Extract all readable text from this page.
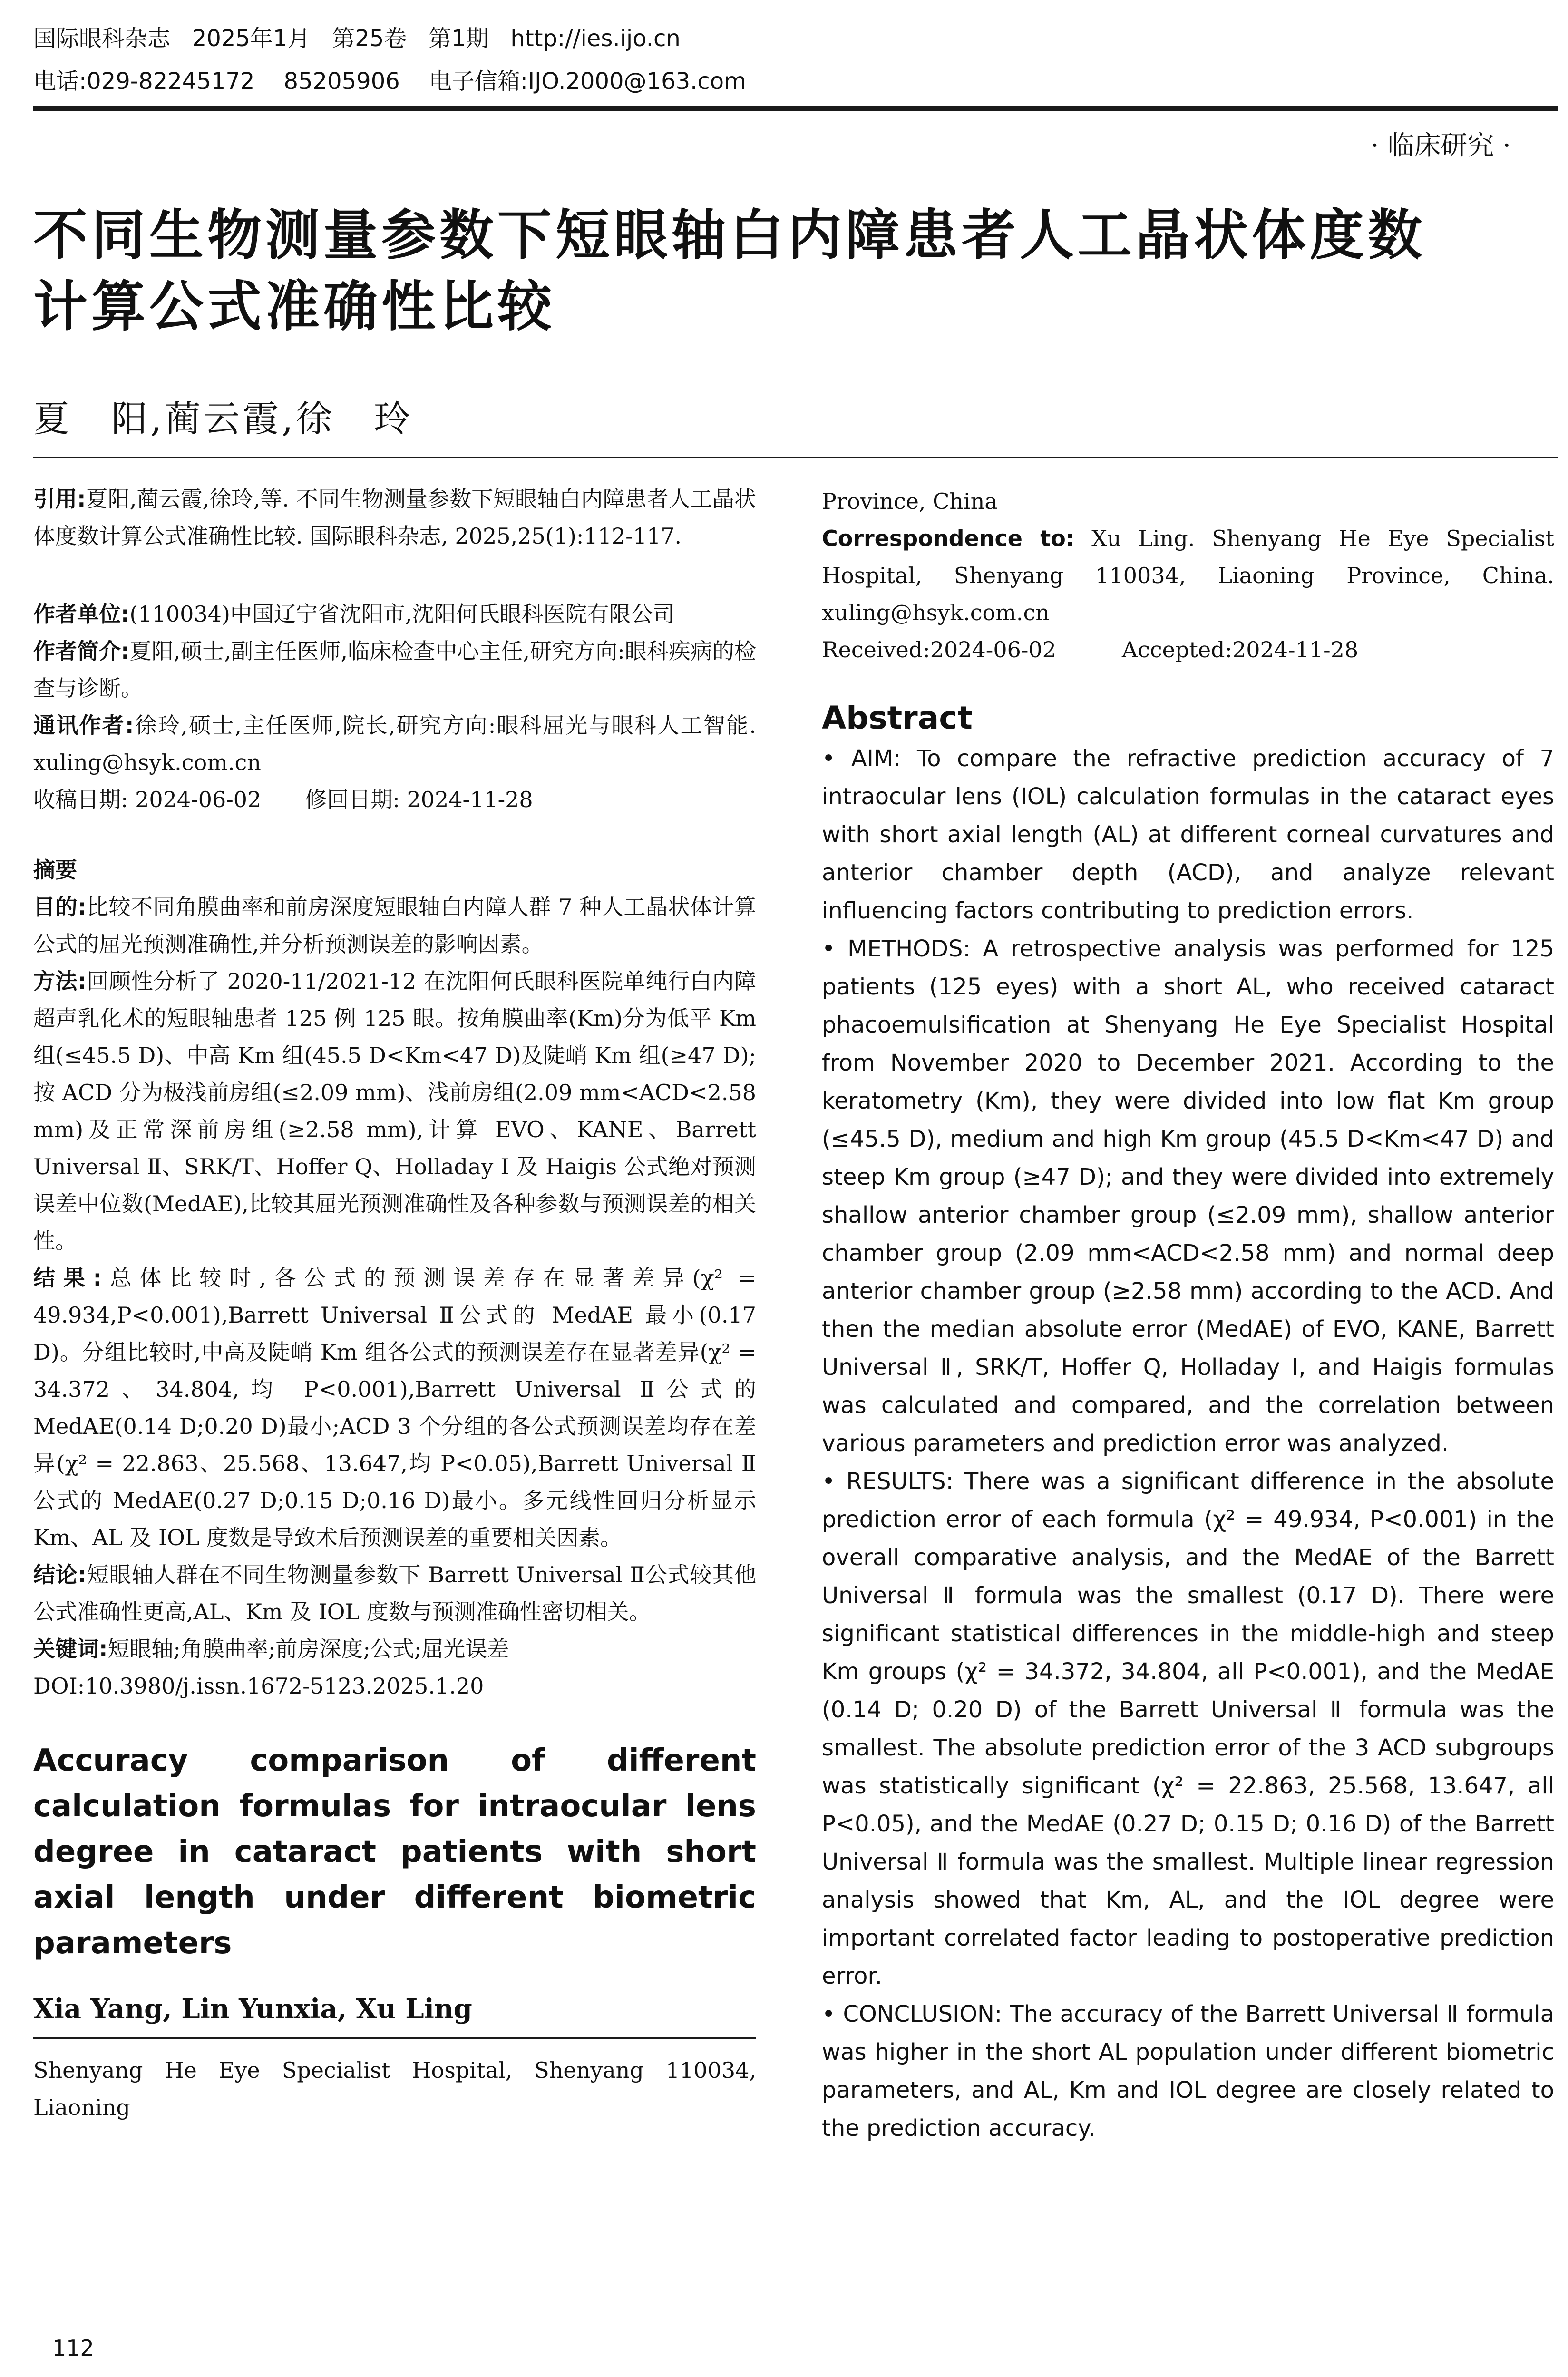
国际眼科杂志   2025年1月   第25卷   第1期   http://ies.ijo.cn
电话:029-82245172    85205906    电子信箱:IJO.2000@163.com
· 临床研究 ·
不同生物测量参数下短眼轴白内障患者人工晶状体度数
计算公式准确性比较
夏　阳,蔺云霞,徐　玲

引用:夏阳,蔺云霞,徐玲,等. 不同生物测量参数下短眼轴白内障患者人工晶状体度数计算公式准确性比较. 国际眼科杂志, 2025,25(1):112-117.

作者单位:(110034)中国辽宁省沈阳市,沈阳何氏眼科医院有限公司

作者简介:夏阳,硕士,副主任医师,临床检查中心主任,研究方向:眼科疾病的检查与诊断。

通讯作者:徐玲,硕士,主任医师,院长,研究方向:眼科屈光与眼科人工智能. xuling@hsyk.com.cn

收稿日期: 2024-06-02　　修回日期: 2024-11-28

摘要

目的:比较不同角膜曲率和前房深度短眼轴白内障人群 7 种人工晶状体计算公式的屈光预测准确性,并分析预测误差的影响因素。

方法:回顾性分析了 2020-11/2021-12 在沈阳何氏眼科医院单纯行白内障超声乳化术的短眼轴患者 125 例 125 眼。按角膜曲率(Km)分为低平 Km 组(≤45.5 D)、中高 Km 组(45.5 D<Km<47 D)及陡峭 Km 组(≥47 D);按 ACD 分为极浅前房组(≤2.09 mm)、浅前房组(2.09 mm<ACD<2.58 mm)及正常深前房组(≥2.58 mm),计算 EVO、KANE、Barrett Universal Ⅱ、SRK/T、Hoffer Q、Holladay I 及 Haigis 公式绝对预测误差中位数(MedAE),比较其屈光预测准确性及各种参数与预测误差的相关性。

结果:总体比较时,各公式的预测误差存在显著差异(χ² = 49.934,P<0.001),Barrett Universal Ⅱ公式的 MedAE 最小(0.17 D)。分组比较时,中高及陡峭 Km 组各公式的预测误差存在显著差异(χ² = 34.372、34.804,均 P<0.001),Barrett Universal Ⅱ公式的 MedAE(0.14 D;0.20 D)最小;ACD 3 个分组的各公式预测误差均存在差异(χ² = 22.863、25.568、13.647,均 P<0.05),Barrett Universal Ⅱ公式的 MedAE(0.27 D;0.15 D;0.16 D)最小。多元线性回归分析显示 Km、AL 及 IOL 度数是导致术后预测误差的重要相关因素。

结论:短眼轴人群在不同生物测量参数下 Barrett Universal Ⅱ公式较其他公式准确性更高,AL、Km 及 IOL 度数与预测准确性密切相关。

关键词:短眼轴;角膜曲率;前房深度;公式;屈光误差

DOI:10.3980/j.issn.1672-5123.2025.1.20

Accuracy comparison of different calculation formulas for intraocular lens degree in cataract patients with short axial length under different biometric parameters

Xia Yang, Lin Yunxia, Xu Ling

Shenyang He Eye Specialist Hospital, Shenyang 110034, Liaoning

Province, China

Correspondence to: Xu Ling. Shenyang He Eye Specialist Hospital, Shenyang 110034, Liaoning Province, China. xuling@hsyk.com.cn

Received:2024-06-02　　　Accepted:2024-11-28

Abstract

• AIM: To compare the refractive prediction accuracy of 7 intraocular lens (IOL) calculation formulas in the cataract eyes with short axial length (AL) at different corneal curvatures and anterior chamber depth (ACD), and analyze relevant influencing factors contributing to prediction errors.

• METHODS: A retrospective analysis was performed for 125 patients (125 eyes) with a short AL, who received cataract phacoemulsification at Shenyang He Eye Specialist Hospital from November 2020 to December 2021. According to the keratometry (Km), they were divided into low flat Km group (≤45.5 D), medium and high Km group (45.5 D<Km<47 D) and steep Km group (≥47 D); and they were divided into extremely shallow anterior chamber group (≤2.09 mm), shallow anterior chamber group (2.09 mm<ACD<2.58 mm) and normal deep anterior chamber group (≥2.58 mm) according to the ACD. And then the median absolute error (MedAE) of EVO, KANE, Barrett Universal Ⅱ, SRK/T, Hoffer Q, Holladay I, and Haigis formulas was calculated and compared, and the correlation between various parameters and prediction error was analyzed.

• RESULTS: There was a significant difference in the absolute prediction error of each formula (χ² = 49.934, P<0.001) in the overall comparative analysis, and the MedAE of the Barrett Universal Ⅱ formula was the smallest (0.17 D). There were significant statistical differences in the middle-high and steep Km groups (χ² = 34.372, 34.804, all P<0.001), and the MedAE (0.14 D; 0.20 D) of the Barrett Universal Ⅱ formula was the smallest. The absolute prediction error of the 3 ACD subgroups was statistically significant (χ² = 22.863, 25.568, 13.647, all P<0.05), and the MedAE (0.27 D; 0.15 D; 0.16 D) of the Barrett Universal Ⅱ formula was the smallest. Multiple linear regression analysis showed that Km, AL, and the IOL degree were important correlated factor leading to postoperative prediction error.

• CONCLUSION: The accuracy of the Barrett Universal Ⅱ formula was higher in the short AL population under different biometric parameters, and AL, Km and IOL degree are closely related to the prediction accuracy.

112
